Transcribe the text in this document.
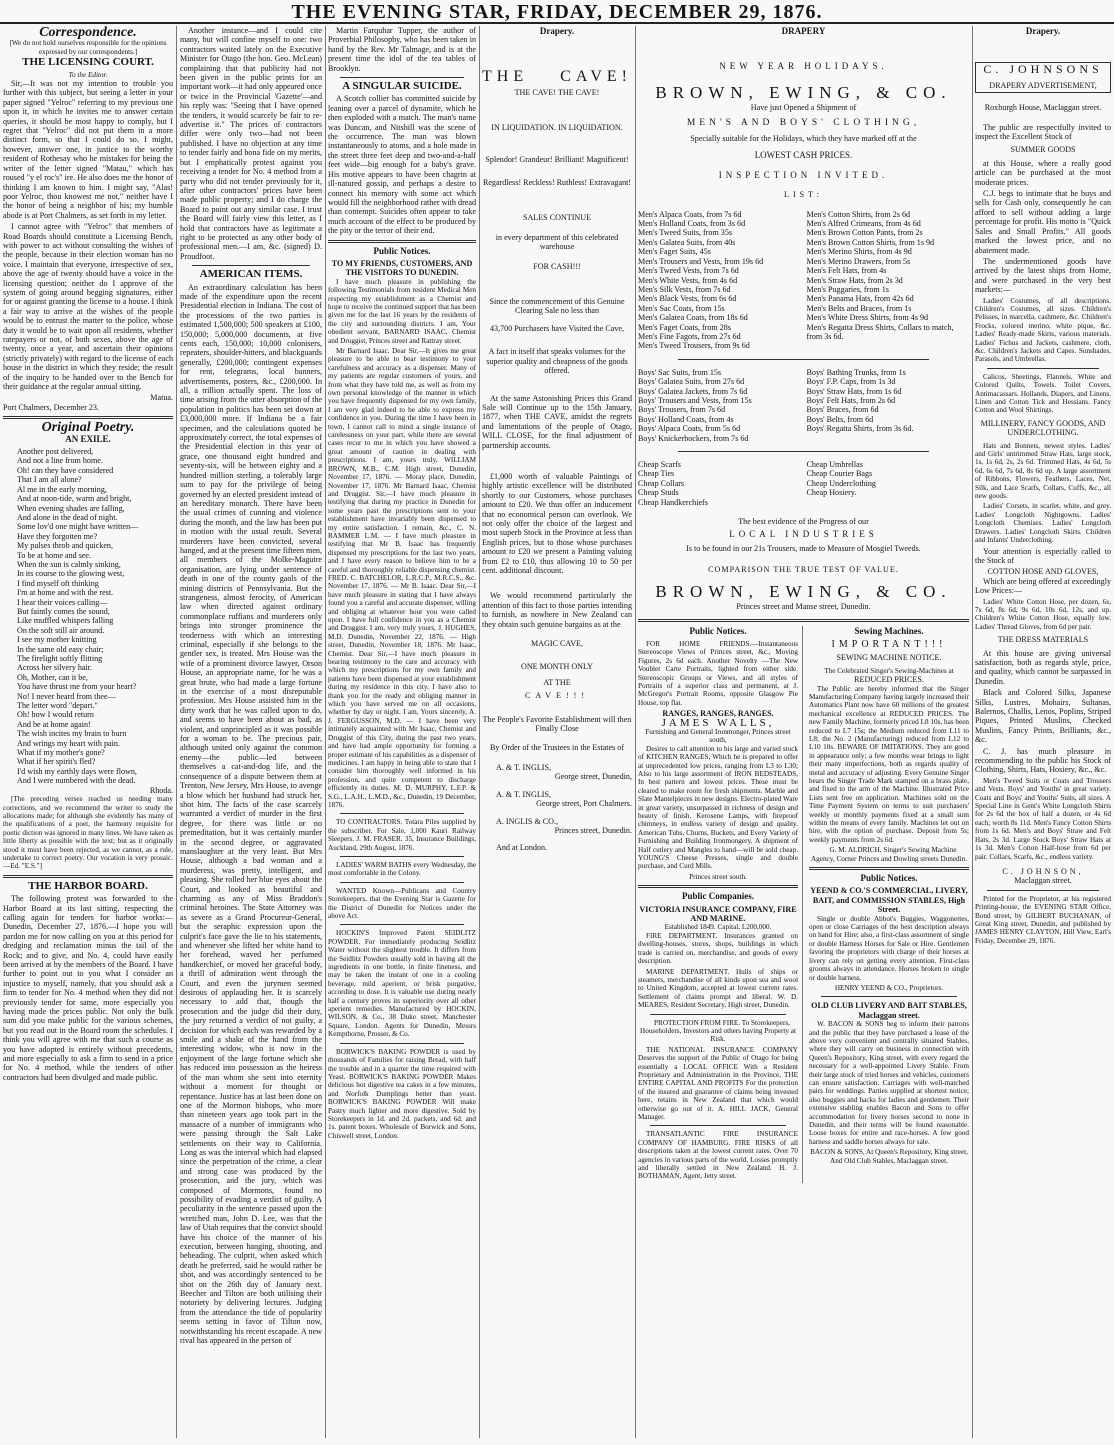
THE EVENING STAR, FRIDAY, DECEMBER 29, 1876.
Correspondence.
[We do not hold ourselves responsible for the opinions expressed by our correspondents.]
THE LICENSING COURT.
To the Editor.

Sir,—It was not my intention to trouble you further with this subject, but seeing a letter in your paper signed "Yelroc" referring to my previous one upon it, in which he invites me to answer certain queries, it should be most happy to comply, but I regret that "Yelroc" did not put them in a more distinct form, so that I could do so. I might, however, answer one, in justice to the worthy resident of Rothesay who he mistakes for being the writer of the letter signed "Matau," which has roused "y el roc's" ire. He also does me the honor of thinking I am known to him. I might say, "Alas! poor Yelroc, thou knowest me not," neither have I the honor of being a neighbor of his; my humble abode is at Port Chalmers, as set forth in my letter.

I cannot agree with "Yelroc" that members of Road Boards should constitute a Licensing Bench, with power to act without consulting the wishes of the people, because in their election woman has no voice. I maintain that everyone, irrespective of sex, above the age of twenty should have a voice in the licensing question; neither do I approve of the system of going around begging signatures, either for or against granting the license to a house. I think a fair way to arrive at the wishes of the people would be to entrust the matter to the police, whose duty it would be to wait upon all residents, whether ratepayers or not, of both sexes, above the age of twenty, once a year, and ascertain their opinions (strictly privately) with regard to the license of each house in the district in which they reside; the result of the inquiry to be handed over to the Bench for their guidance at the regular annual sitting.

Matua.
Port Chalmers, December 23.
Original Poetry.
AN EXILE.
Another post delivered,
And not a line from home.
Oh! can they have considered
That I am all alone?
Al me in the early morning,
And at noon-tide, warm and bright,
When evening shades are falling,
And alone in the dead of night.
Some lov'd one might have written—
Have they forgotten me?
My pulses throb and quicken,
To be at home and see.
When the sun is calmly sinking,
In its course to the glowing west,
I find myself oft thinking
I'm at home and with the rest.
I hear their voices calling—
But faintly comes the sound,
Like muffled whispers falling
On the soft still air around.
I see my mother knitting
In the same old easy chair;
The firelight softly flitting
Across her silvery hair.
Oh, Mother, can it be,
You have thrust me from your heart?
No! I never heard from thee—
The letter word "depart."
Oh! how I would return
And be at home again!
The wish incites my brain to burn
And wrings my heart with pain.
What if my mother's gone?
What if her spirit's fled?
I'd wish my earthly days were flown,
And I were numbered with the dead.
Rhoda.

[The preceding verses reached us needing many corrections, and we recommend the writer to study the allocations made; for although she evidently has many of the qualifications of a poet, the harmony requisite for poetic diction was ignored in many lines. We have taken as little liberty as possible with the text; but as it originally stood it must have been rejected, as we cannot, as a rule, undertake to correct poetry. Our vocation is very prosaic.—Ed. "E.S."]

THE HARBOR BOARD.

The following protest was forwarded to the Harbor Board at its last sitting, respecting the calling again for tenders for harbor works:— Dunedin, December 27, 1876.—I hope you will pardon me for now calling on you at this period for dredging and reclamation minus the tail of the Rock; and to give, and No. 4, could have easily been arrived at by the members of the Board. I have further to point out to you what I consider an injustice to myself, namely, that you should ask a firm to tender for No. 4 method when they did not previously tender for same, more especially you having made the prices public. Not only the bulk sum did you make public for the various schemes, but you read out in the Board room the schedules. I think you will agree with me that such a course as you have adopted is entirely without precedents, and more especially to ask a firm to send in a price for No. 4 method, while the tenders of other contractors had been divulged and made public.

Another instance—and I could cite many, but will confine myself to one: two contractors waited lately on the Executive Minister for Otago (the hon. Geo. McLean) complaining that that publicity had not been given in the public prints for an important work—it had only appeared once or twice in the Provincial 'Gazette'—and his reply was: "Seeing that I have opened the tenders, it would scarcely be fair to re-advertise it." The prices of contractors differ were only two—had not been published. I have no objection at any time to tender fairly and bona fide on my merits, but I emphatically protest against you receiving a tender for No. 4 method from a party who did not tender previously for it, after other contractors' prices have been made public property; and I do charge the Board to point out any similar case. I trust the Board will fairly view this letter, as I hold that contractors have as legitimate a right to be protected as any other body of professional men.—I am, &c. (signed) D. Proudfoot.

AMERICAN ITEMS.

An extraordinary calculation has been made of the expenditure upon the recent Presidential election in Indiana. The cost of the processions of the two parties is estimated 1,500,000; 500 speakers at £100, 150,000; 5,000,000 documents, at five cents each, 150,000; 10,000 colonisers, repeaters, shoulder-hitters, and blackguards generally, £200,000; contingent expenses for rent, telegrams, local banners, advertisements, posters, &c., £200,000. In all, a trillion actually spent. The loss of time arising from the utter absorption of the population in politics has been set down at £3,000,000 more. If Indiana be a fair specimen, and the calculations quoted be approximately correct, the total expenses of the Presidential election in this year of grace, one thousand eight hundred and seventy-six, will be between eighty and a hundred million sterling, a tolerably large sum to pay for the privilege of being governed by an elected president instead of an hereditary monarch. There have been the usual crimes of cunning and violence during the month, and the law has been put in motion with the usual result. Several murderers have been convicted, several hanged, and at the present time fifteen men, all members of the Molke-Maguire organisation, are lying under sentence of death in one of the county gaols of the mining districts of Pennsylvania. But the strangeness, almost ferocity, of American law when directed against ordinary commonplace ruffians and murderers only brings into stronger prominence the tenderness with which an interesting criminal, especially if she belongs to the gentler sex, is treated. Mrs House was the wife of a prominent divorce lawyer, Orson House, an appropriate name, for he was a great brute, who had made a large fortune in the exercise of a most disreputable profession. Mrs House assisted him in the dirty work that he was called upon to do, and seems to have been about as bad, as violent, and unprincipled as it was possible for a woman to be. The precious pair, although united only against the common enemy—the public—led between themselves a cat-and-dog life, and the consequence of a dispute between them at Trenton, New Jersey, Mrs House, to avenge a blow which her husband had struck her, shot him. The facts of the case scarcely warranted a verdict of murder in the first degree, for there was little or no premeditation, but it was certainly murder in the second degree, or aggravated manslaughter at the very least. But Mrs House, although a bad woman and a murderess, was pretty, intelligent, and pleasing. She rolled her blue eyes about the Court, and looked as beautiful and charming as any of Miss Braddon's criminal heroines. The State Attorney was as severe as a Grand Procureur-General, but the seraphic expression upon the culprit's face gave the lie to his statements, and whenever she lifted her white hand to her forehead, waved her perfumed handkerchief, or moved her graceful body, a thrill of admiration went through the Court, and even the jurymen seemed desirous of applauding her. It is scarcely necessary to add that, though the prosecution and the judge did their duty, the jury returned a verdict of not guilty, a decision for which each was rewarded by a smile and a shake of the hand from the interesting widow, who is now in the enjoyment of the large fortune which she has reduced into possession as the heiress of the man whom she sent into eternity without a moment for thought or repentance. Justice has at last been done on one of the Mormon bishops, who more than nineteen years ago took part in the massacre of a number of immigrants who were passing through the Salt Lake settlements on their way to California. Long as was the interval which had elapsed since the perpetration of the crime, a clear and strong case was produced by the prosecution, and the jury, which was composed of Mormons, found no possibility of evading a verdict of guilty. A peculiarity in the sentence passed upon the wretched man, John D. Lee, was that the law of Utah requires that the convict should have his choice of the manner of his execution, between hanging, shooting, and beheading. The culprit, when asked which death he preferred, said he would rather be shot, and was accordingly sentenced to be shot on the 26th day of January next. Beecher and Tilton are both utilising their notoriety by delivering lectures. Judging from the attendance the tide of popularity seems setting in favor of Tilton now, notwithstanding his recent escapade. A new rival has appeared in the person of

Martin Farquhar Tupper, the author of Proverbial Philosophy, who has been taken in hand by the Rev. Mr Talmage, and is at the present time the idol of the tea tables of Brooklyn.

A SINGULAR SUICIDE.

A Scotch collier has committed suicide by leaning over a parcel of dynamite, which he then exploded with a match. The man's name was Duncan, and Nitshill was the scene of the occurrence. The man was blown instantaneously to atoms, and a hole made in the street three feet deep and two-and-a-half feet wide—big enough for a baby's grave. His motive appears to have been chagrin at ill-natured gossip, and perhaps a desire to connect his memory with some act which would fill the neighborhood rather with dread than contempt. Suicides often appear to take much account of the effect to be produced by the pity or the terror of their end.

Public Notices.
TO MY FRIENDS, CUSTOMERS, AND THE VISITORS TO DUNEDIN.

I have much pleasure in publishing the following Testimonials from resident Medical Men respecting my establishment as a Chemist and hope to receive the continued support that has been given me for the last 16 years by the residents of the city and surrounding districts. I am, Your obedient servant, BARNARD ISAAC, Chemist and Druggist, Princes street and Rattray street.

Mr Barnard Isaac. Dear Sir,—It gives me great pleasure to be able to bear testimony to your carefulness and accuracy as a dispenser. Many of my patients are regular customers of yours, and from what they have told me, as well as from my own personal knowledge of the manner in which you have frequently dispensed for my own family, I am very glad indeed to be able to express my confidence in you. During the time I have been in town, I cannot call to mind a single instance of carelessness on your part, while there are several cases recur to me in which you have showed a great amount of caution in dealing with prescriptions. I am, yours truly, WILLIAM BROWN, M.B., C.M. High street, Dunedin, November 17, 1876. — Moray place, Dunedin, November 17, 1876. Mr Barnard Isaac, Chemist and Druggist. Sir,—I have much pleasure in testifying that during my practice in Dunedin for some years past the prescriptions sent to your establishment have invariably been dispensed to my entire satisfaction. I remain, &c., C. N. RAMMER L.M. — I have much pleasure in testifying that Mr B. Isaac has frequently dispensed my prescriptions for the last two years, and I have every reason to believe him to be a careful and thoroughly reliable dispensing chemist. FRED. C. BATCHELOR, L.R.C.P., M.R.C.S., &c. November 17, 1876. — Mr B. Isaac. Dear Sir,—I have much pleasure in stating that I have always found you a careful and accurate dispenser, willing and obliging at whatever hour you were called upon. I have full confidence in you as a Chemist and Druggist. I am, very truly yours, J. HUGHES, M.D. Dunedin, November 22, 1876. — High street, Dunedin, November 18, 1876. Mr Isaac, Chemist. Dear Sir,—I have much pleasure in bearing testimony to the care and accuracy with which my prescriptions for my own family and patients have been dispensed at your establishment during my residence in this city. I have also to thank you for the ready and obliging manner in which you have served me on all occasions, whether by day or night. I am, Yours sincerely, A. J. FERGUSSON, M.D. — I have been very intimately acquainted with Mr Isaac, Chemist and Druggist of this City, during the past two years, and have had ample opportunity for forming a proper estimate of his capabilities as a dispenser of medicines. I am happy in being able to state that I consider him thoroughly well informed in his profession, and quite competent to discharge efficiently its duties. M. D. MURPHY, L.F.P. & S.G., L.A.H., L.M.D., &c., Dunedin, 19 December, 1876.

TO CONTRACTORS. Totara Piles supplied by the subscriber. For Sale, 1,000 Kauri Railway Sleepers. J. M. FRASER. 35, Insurance Buildings, Auckland, 29th August, 1876.

LADIES' WARM BATHS every Wednesday, the most comfortable in the Colony.

WANTED Known—Publicans and Country Storekeepers, that the Evening Star is Gazette for the District of Dunedin for Notices under the above Act.

HOCKIN'S Improved Patent SEIDLITZ POWDER. For immediately producing Seidlitz Water without the slightest trouble. It differs from the Seidlitz Powders usually sold in having all the ingredients in one bottle, in finite fineness, and may be taken the instant of one in a cooling beverage, mild aperient, or brisk purgative, according to dose. It is valuable use during nearly half a century proves its superiority over all other aperient remedies. Manufactured by HOCKIN, WILSON, & Co., 38 Duke street, Manchester Square, London. Agents for Dunedin, Messrs Kempthorne, Prosser, & Co.

BORWICK'S BAKING POWDER is used by thousands of Families for raising Bread, with half the trouble and in a quarter the time required with Yeast. BORWICK'S BAKING POWDER Makes delicious hot digestive tea cakes in a few minutes, and Norfolk Dumplings better than yeast. BORWICK'S BAKING POWDER Will make Pastry much lighter and more digestive. Sold by Storekeepers in 1d. and 2d. packets, and 6d. and 1s. patent boxes. Wholesale of Borwick and Sons, Chiswell street, London.

Drapery.
THE CAVE!
THE CAVE! THE CAVE!
IN LIQUIDATION. IN LIQUIDATION.
Splendor! Grandeur! Brilliant! Magnificent!
Regardless! Reckless! Ruthless! Extravagant!
SALES CONTINUE
in every department of this celebrated warehouse
FOR CASH!!!
Since the commencement of this Genuine Clearing Sale no less than
43,700 Purchasers have Visited the Cave,
A fact in itself that speaks volumes for the superior quality and cheapness of the goods offered.

At the same Astonishing Prices this Grand Sale will Continue up to the 15th January, 1877, when THE CAVE, amidst the regrets and lamentations of the people of Otago, WILL CLOSE, for the final adjustment of partnership accounts.

£1,000 worth of valuable Paintings of highly artistic excellence will be distributed shortly to our Customers, whose purchases amount to £20. We thus offer an inducement that no economical person can overlook. We not only offer the choice of the largest and most superb Stock in the Province at less than English prices, but to those whose purchases amount to £20 we present a Painting valuing from £2 to £10, thus allowing 10 to 50 per cent. additional discount.

We would recommend particularly the attention of this fact to those parties intending to furnish, as nowhere in New Zealand can they obtain such genuine bargains as at the

MAGIC CAVE,
ONE MONTH ONLY
AT THE
CAVE!!!
The People's Favorite Establishment will then Finally Close
By Order of the Trustees in the Estates of
A. & T. INGLIS,
George street, Dunedin,
A. & T. INGLIS,
George street, Port Chalmers.
A. INGLIS & CO.,
Princes street, Dunedin.
And at London.
DRAPERY
NEW YEAR HOLIDAYS.
BROWN, EWING, & CO.
Have just Opened a Shipment of
MEN'S AND BOYS' CLOTHING,
Specially suitable for the Holidays, which they have marked off at the
LOWEST CASH PRICES.
INSPECTION INVITED.
LIST:
Men's Alpaca Coats, from 7s 6d
Men's Holland Coats, from 3s 6d
Men's Tweed Suits, from 35s
Men's Galatea Suits, from 40s
Men's Faget Suits, 45s
Men's Trousers and Vests, from 19s 6d
Men's Tweed Vests, from 7s 6d
Men's White Vests, from 4s 6d
Men's Silk Vests, from 7s 6d
Men's Black Vests, from 6s 6d
Men's Sac Coats, from 15s
Men's Galatea Coats, from 18s 6d
Men's Faget Coats, from 28s
Men's Fine Fagots, from 27s 6d
Men's Tweed Trousers, from 9s 6d
Men's Cotton Shirts, from 2s 6d
Men's Alfred Crimeans, from 4s 6d
Men's Brown Cotton Pants, from 2s
Men's Brown Cotton Shirts, from 1s 9d
Men's Merino Shirts, from 4s 9d
Men's Merino Drawers, from 5s
Men's Felt Hats, from 4s
Men's Straw Hats, from 2s 3d
Men's Puggaries, from 1s
Men's Panama Hats, from 42s 6d
Men's Belts and Braces, from 1s
Men's White Dress Shirts, from 4s 9d
Men's Regatta Dress Shirts, Collars to match, from 3s 6d.
Boys' Sac Suits, from 15s
Boys' Galatea Suits, from 27s 6d
Boys' Galatea Jackets, from 7s 6d
Boys' Trousers and Vests, from 15s
Boys' Trousers, from 7s 6d
Boys' Holland Coats, from 4s
Boys' Alpaca Coats, from 5s 6d
Boys' Knickerbockers, from 7s 6d
Boys' Bathing Trunks, from 1s
Boys' F.P. Caps, from 1s 3d
Boys' Straw Hats, from 1s 6d
Boys' Felt Hats, from 2s 6d
Boys' Braces, from 6d
Boys' Belts, from 6d
Boys' Regatta Shirts, from 3s 6d.
Cheap Scarfs
Cheap Ties
Cheap Collars
Cheap Studs
Cheap Handkerchiefs
Cheap Umbrellas
Cheap Courier Bags
Cheap Underclothing
Cheap Hosiery.
The best evidence of the Progress of our
LOCAL INDUSTRIES
Is to be found in our 21s Trousers, made to Measure of Mosgiel Tweeds.
COMPARISON THE TRUE TEST OF VALUE.
BROWN, EWING, & CO.
Princes street and Manse street, Dunedin.
Public Notices.

FOR HOME FRIENDS.—Instantaneous Stereoscope Views of Princes street, &c., Moving Figures, 2s 6d each. Another Novelty —The New Voublet Carte Portraits, lighted from either side. Stereoscopic Groups or Views, and all styles of Portraits of a superior class and permanent, at J. McGregor's Portrait Rooms, opposite Glasgow Pie House, top flat.

RANGES, RANGES, RANGES.
JAMES WALLS,
Furnishing and General Ironmonger, Princes street south,

Desires to call attention to his large and varied stock of KITCHEN RANGES, Which he is prepared to offer at unprecedented low prices, ranging from L3 to L30; Also to his large assortment of IRON BEDSTEADS, In best pattern and lowest prices. These must be cleared to make room for fresh shipments. Marble and Slate Mantelpieces in new designs. Electro-plated Ware in great variety, unsurpassed in richness of design and beauty of finish. Kerosene Lamps, with fireproof chimneys, in endless variety of design and quality. American Tubs, Churns, Buckets, and Every Variety of Furnishing and Building Ironmongery. A shipment of Half cutlery and Mangles to hand—will be sold cheap. YOUNG'S Cheese Presses, single and double purchase, and Curd Mills.

Princes street south.
Public Companies.
VICTORIA INSURANCE COMPANY, FIRE AND MARINE.
Established 1849. Capital, L200,000.

FIRE DEPARTMENT. Insurances granted on dwelling-houses, stores, shops, buildings in which trade is carried on, merchandise, and goods of every description.

MARINE DEPARTMENT. Hulls of ships or steamers, merchandise of all kinds upon sea and wool to United Kingdom, accepted at lowest current rates. Settlement of claims prompt and liberal. W. D. MEARES, Resident Secretary, High street, Dunedin.

PROTECTION FROM FIRE. To Storekeepers, Householders, Investors and others having Property at Risk.

THE NATIONAL INSURANCE COMPANY Deserves the support of the Public of Otago for being essentially a LOCAL OFFICE With a Resident Proprietary and Administration in the Province, THE ENTIRE CAPITAL AND PROFITS For the protection of the insured and guarantee of claims being invested here, retains in New Zealand that which would otherwise go out of it. A. HILL JACK, General Manager.

TRANSATLANTIC FIRE INSURANCE COMPANY OF HAMBURG. FIRE RISKS of all descriptions taken at the lowest current rates. Over 70 agencies in various parts of the world. Losses promptly and liberally settled in New Zealand. H. J. BOTHAMAN, Agent, Jetty street.

Sewing Machines.
IMPORTANT!!!
SEWING MACHINE NOTICE.
The Celebrated Singer's Sewing-Machines at
REDUCED PRICES.

The Public are hereby informed that the Singer Manufacturing Company having largely increased their Automatics Plant now have 60 millions of the greatest mechanical excellence at REDUCED PRICES. The new Family Machine, formerly priced L8 10s, has been reduced to L7 15s; the Medium reduced from L11 to L8; the No. 2 (Manufacturing) reduced from L12 to L10 10s. BEWARE OF IMITATIONS. They are good in appearance only; a few months wear brings to light their many imperfections, both as regards quality of metal and accuracy of adjusting. Every Genuine Singer bears the Singer Trade Mark stamped on a brass plate, and fixed to the arm of the Machine. Illustrated Price Lists sent free on application. Machines sold on the Time Payment System on terms to suit purchasers' weekly or monthly payments fixed at a small sum within the means of every family. Machines let out on hire, with the option of purchase. Deposit from 5s; weekly payments from 2s 6d.

G. M. ALDRICH, Singer's Sewing Machine Agency, Corner Princes and Dowling streets Dunedin.

Public Notices.
YEEND & CO.'S COMMERCIAL, LIVERY, BAIT, and COMMISSION STABLES, High Street.

Single or double Abbot's Buggies, Waggonettes, open or close Carriages of the best description always on hand for Hire; also, a first-class assortment of single or double Harness Horses for Sale or Hire. Gentlemen favoring the proprietors with charge of their horses at livery can rely on getting every attention. First-class grooms always in attendance. Horses broken to single or double harness.

HENRY YEEND & CO., Proprietors.
OLD CLUB LIVERY AND BAIT STABLES, Maclaggan street.

W. BACON & SONS beg to inform their patrons and the public that they have purchased a lease of the above very convenient and centrally situated Stables, where they will carry on business in connection with Queen's Repository, King street, with every regard the necessary for a well-appointed Livery Stable. From their large stock of tried horses and vehicles, customers can ensure satisfaction. Carriages with well-matched pairs for weddings. Parties supplied at shortest notice; also buggies and hacks for ladies and gentlemen. Their extensive stabling enables Bacon and Sons to offer accommodation for livery horses second to none in Dunedin, and their terms will be found reasonable. Loose boxes for entire and race-horses. A few good harness and saddle horses always for sale.

BACON & SONS, At Queen's Repository, King street, And Old Club Stables, Maclaggan street.
Drapery.
C. JOHNSONS
DRAPERY ADVERTISEMENT,
Roxburgh House, Maclaggan street.

The public are respectfully invited to inspect the Excellent Stock of

SUMMER GOODS

at this House, where a really good article can be purchased at the most moderate prices.

C.J. begs to intimate that he buys and sells for Cash only, consequently he can afford to sell without adding a large percentage for profit. His motto is "Quick Sales and Small Profits." All goods marked the lowest price, and no abatement made.

The undermentioned goods have arrived by the latest ships from Home, and were purchased in the very best markets:—

Ladies' Costumes, of all descriptions. Children's Costumes, all sizes. Children's Pelisses, in marcella, cashmere, &c. Children's Frocks, colored merino, white pique, &c. Ladies' Ready-made Skirts, various materials. Ladies' Fichus and Jackets, cashmere, cloth, &c. Children's Jackets and Capes. Sunshades, Parasols, and Umbrellas.

Calicos, Sheetings, Flannels. White and Colored Quilts, Towels. Toilet Covers, Antimacassars. Hollands, Diapers, and Linens. Linen and Cotton Tick and Hessians. Fancy Cotton and Wool Shirtings.

MILLINERY, FANCY GOODS, AND UNDERCLOTHING.

Hats and Bonnets, newest styles. Ladies' and Girls' untrimmed Straw Hats, large stock, 1s, 1s 6d, 2s, 2s 6d. Trimmed Hats, 4s 6d, 5s 6d, 6s 6d, 7s 6d, 8s 6d up. A large assortment of Ribbons, Flowers, Feathers, Laces, Net, Silk, and Lace Scarfs, Collars, Cuffs, &c., all new goods.

Ladies' Corsets, in scarlet, white, and grey. Ladies' Longcloth Nightgowns. Ladies' Longcloth Chemises. Ladies' Longcloth Drawers. Ladies' Longcloth Skirts. Children and Infants' Underclothing.

Your attention is especially called to the Stock of

COTTON HOSE AND GLOVES,

Which are being offered at exceedingly Low Prices:—

Ladies' White Cotton Hose, per dozen, 6s, 7s 6d, 8s 6d, 9s 6d, 10s 6d, 12s, and up. Children's White Cotton Hose, equally low. Ladies' Thread Gloves, from 6d per pair.

THE DRESS MATERIALS

At this house are giving universal satisfaction, both as regards style, price, and quality, which cannot be surpassed in Dunedin.

Black and Colored Silks, Japanese Silks, Lustres, Mohairs, Sultanas, Balernos, Challis, Lenos, Poplins, Striped Piques, Printed Muslins, Checked Muslins, Fancy Prints, Brilliants, &c., &c.

C. J. has much pleasure in recommending to the public his Stock of Clothing, Shirts, Hats, Hosiery, &c., &c.

Men's Tweed Suits or Coats and Trousers and Vests. Boys' and Youths' in great variety. Coats and Boys' and Youths' Suits, all sizes. A Special Line in Gent's White Longcloth Shirts for 2s 6d the box of half a dozen, or 4s 6d each; worth 8s 11d. Men's Fancy Cotton Shirts from 1s 6d. Men's and Boys' Straw and Felt Hats, 2s 3d. Large Stock Boys' Straw Hats at 1s 3d. Men's Cotton Half-hose from 6d per pair. Collars, Scarfs, &c., endless variety.

C. JOHNSON,
Maclaggan street.

Printed for the Proprietor, at his registered Printing-house, the EVENING STAR Office, Bond street, by GILBERT BUCHANAN, of Great King street, Dunedin, and published by JAMES HENRY CLAYTON, Hill View, Earl's Friday, December 29, 1876.
